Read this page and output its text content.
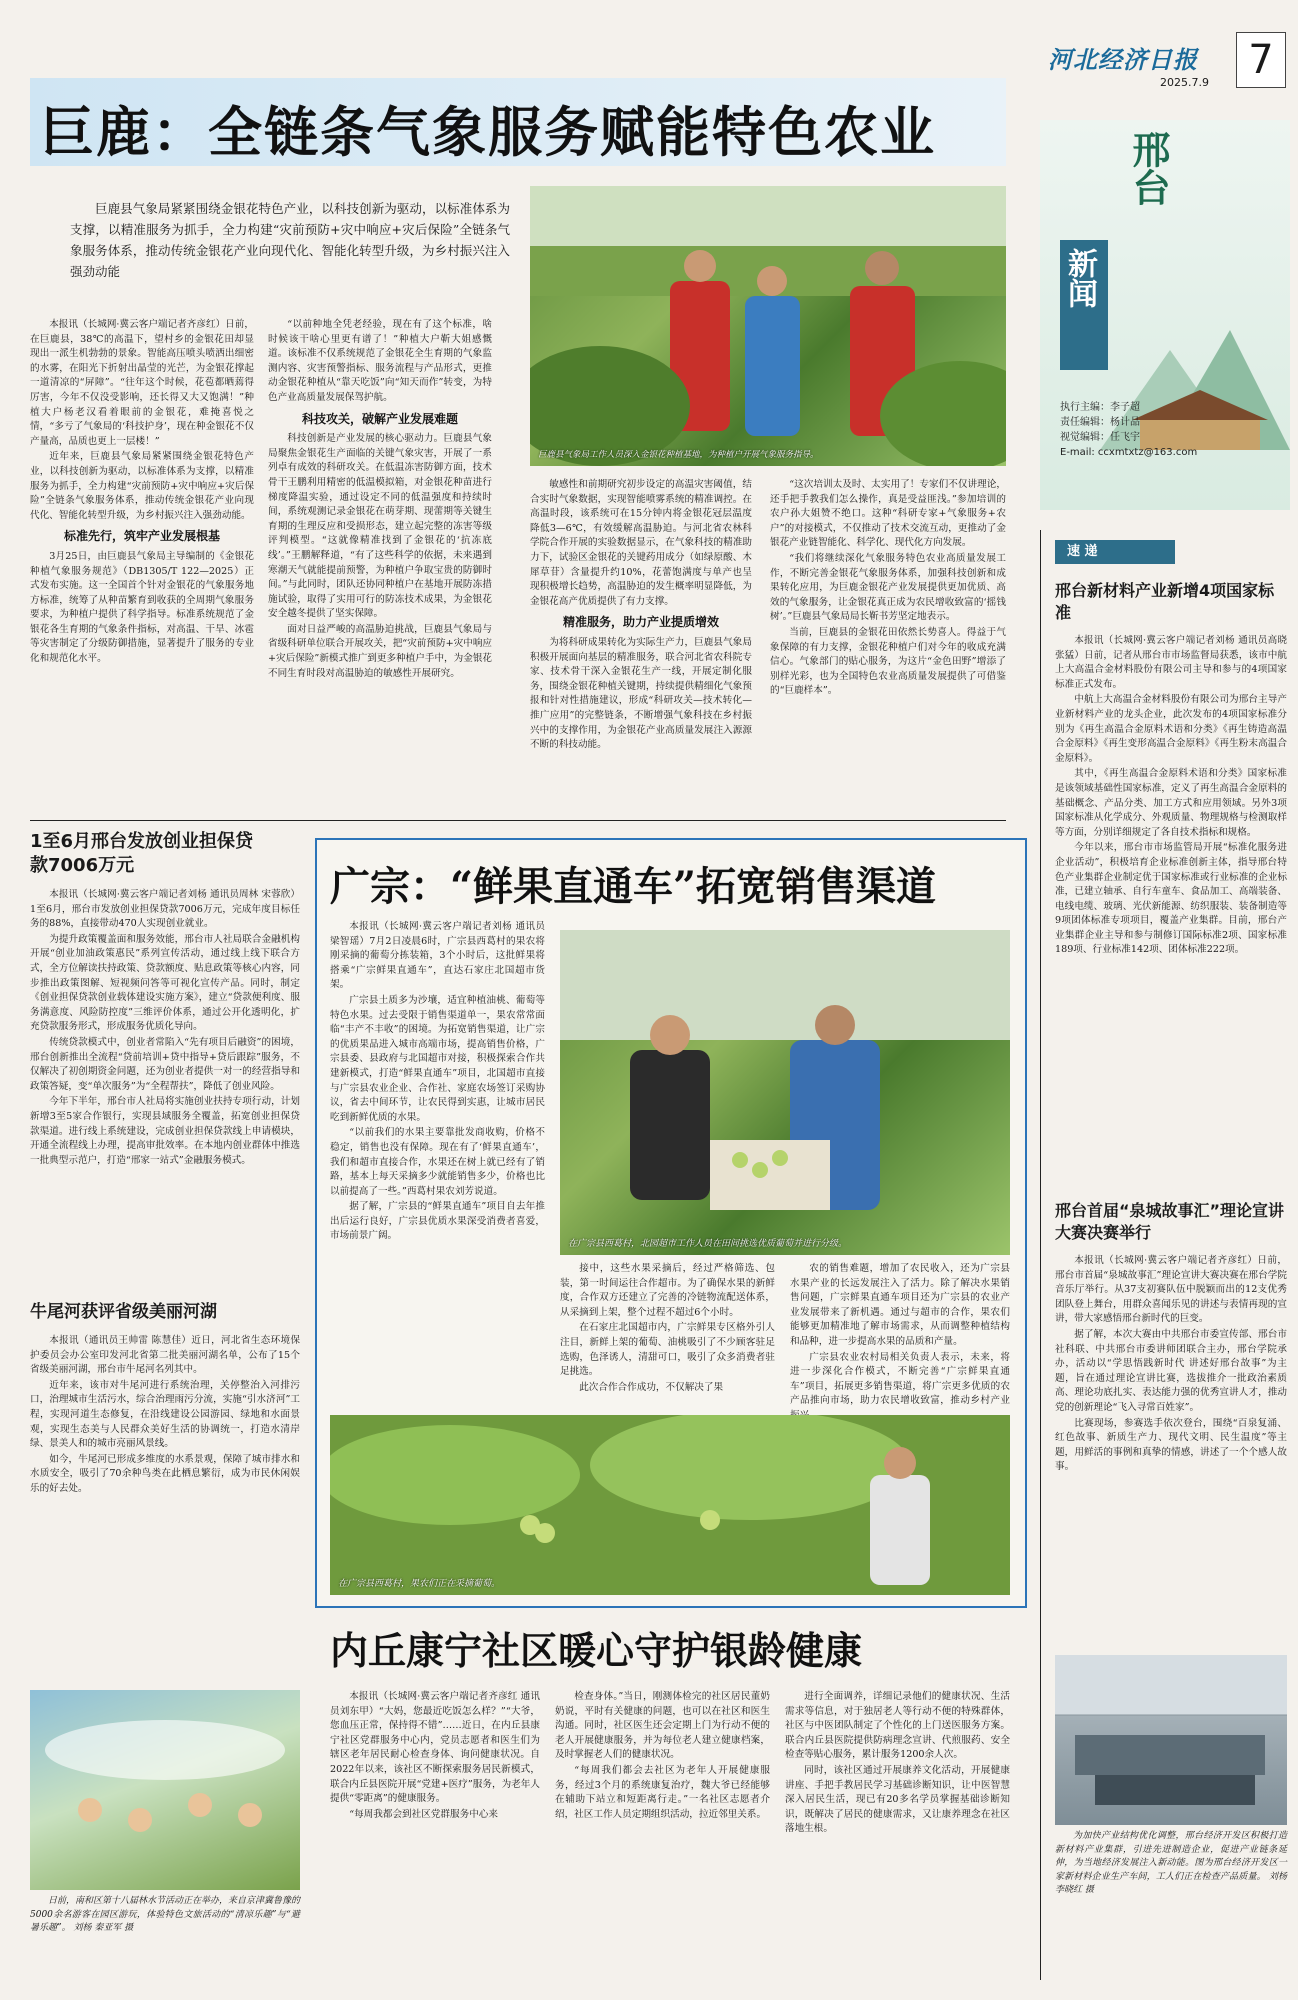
河北经济日报
2025.7.9 7
巨鹿：全链条气象服务赋能特色农业

巨鹿县气象局紧紧围绕金银花特色产业，以科技创新为驱动，以标准体系为支撑，以精准服务为抓手，全力构建“灾前预防+灾中响应+灾后保险”全链条气象服务体系，推动传统金银花产业向现代化、智能化转型升级，为乡村振兴注入强劲动能

巨鹿县气象局工作人员深入金银花种植基地，为种植户开展气象服务指导。

本报讯（长城网·冀云客户端记者齐彦红）日前，在巨鹿县，38℃的高温下，望村乡的金银花田却显现出一派生机勃勃的景象。智能高压喷头喷洒出细密的水雾，在阳光下折射出晶莹的光芒，为金银花撑起一道清凉的“屏障”。“往年这个时候，花苞都晒蔫得厉害，今年不仅没受影响，还长得又大又饱满！”种植大户杨老汉看着眼前的金银花，难掩喜悦之情，“多亏了气象局的‘科技护身’，现在种金银花不仅产量高，品质也更上一层楼！”

近年来，巨鹿县气象局紧紧围绕金银花特色产业，以科技创新为驱动，以标准体系为支撑，以精准服务为抓手，全力构建“灾前预防+灾中响应+灾后保险”全链条气象服务体系，推动传统金银花产业向现代化、智能化转型升级，为乡村振兴注入强劲动能。

标准先行，筑牢产业发展根基

3月25日，由巨鹿县气象局主导编制的《金银花种植气象服务规范》（DB1305/T 122—2025）正式发布实施。这一全国首个针对金银花的气象服务地方标准，统筹了从种苗繁育到收获的全周期气象服务要求，为种植户提供了科学指导。标准系统规范了金银花各生育期的气象条件指标，对高温、干旱、冰雹等灾害制定了分级防御措施，显著提升了服务的专业化和规范化水平。

“以前种地全凭老经验，现在有了这个标准，啥时候该干啥心里更有谱了！”种植大户靳大姐感慨道。该标准不仅系统规范了金银花全生育期的气象监测内容、灾害预警指标、服务流程与产品形式，更推动金银花种植从“靠天吃饭”向“知天而作”转变，为特色产业高质量发展保驾护航。

科技攻关，破解产业发展难题

科技创新是产业发展的核心驱动力。巨鹿县气象局聚焦金银花生产面临的关键气象灾害，开展了一系列卓有成效的科研攻关。在低温冻害防御方面，技术骨干王鹏利用精密的低温模拟箱，对金银花种苗进行梯度降温实验，通过设定不同的低温强度和持续时间，系统观测记录金银花在萌芽期、现蕾期等关键生育期的生理反应和受损形态，建立起完整的冻害等级评判模型。“这就像精准找到了金银花的‘抗冻底线’。”王鹏解释道，“有了这些科学的依据，未来遇到寒潮天气就能提前预警，为种植户争取宝贵的防御时间。”与此同时，团队还协同种植户在基地开展防冻措施试验，取得了实用可行的防冻技术成果，为金银花安全越冬提供了坚实保障。

面对日益严峻的高温胁迫挑战，巨鹿县气象局与省级科研单位联合开展攻关，把“灾前预防+灾中响应+灾后保险”新模式推广到更多种植户手中，为金银花不同生育时段对高温胁迫的敏感性开展研究。

敏感性和前期研究初步设定的高温灾害阈值，结合实时气象数据，实现智能喷雾系统的精准调控。在高温时段，该系统可在15分钟内将金银花冠层温度降低3—6℃，有效缓解高温胁迫。与河北省农林科学院合作开展的实验数据显示，在气象科技的精准助力下，试验区金银花的关键药用成分（如绿原酸、木犀草苷）含量提升约10%，花蕾饱满度与单产也呈现积极增长趋势，高温胁迫的发生概率明显降低，为金银花高产优质提供了有力支撑。

精准服务，助力产业提质增效

为将科研成果转化为实际生产力，巨鹿县气象局积极开展面向基层的精准服务，联合河北省农科院专家、技术骨干深入金银花生产一线，开展定制化服务，围绕金银花种植关键期，持续提供精细化气象预报和针对性措施建议，形成“科研攻关—技术转化—推广应用”的完整链条，不断增强气象科技在乡村振兴中的支撑作用，为金银花产业高质量发展注入源源不断的科技动能。

“这次培训太及时、太实用了！专家们不仅讲理论，还手把手教我们怎么操作，真是受益匪浅。”参加培训的农户孙大姐赞不绝口。这种“科研专家+气象服务+农户”的对接模式，不仅推动了技术交流互动，更推动了金银花产业链智能化、科学化、现代化方向发展。

“我们将继续深化气象服务特色农业高质量发展工作，不断完善金银花气象服务体系，加强科技创新和成果转化应用，为巨鹿金银花产业发展提供更加优质、高效的气象服务，让金银花真正成为农民增收致富的‘摇钱树’。”巨鹿县气象局局长靳书芳坚定地表示。

当前，巨鹿县的金银花田依然长势喜人。得益于气象保障的有力支撑，金银花种植户们对今年的收成充满信心。气象部门的贴心服务，为这片“金色田野”增添了别样光彩，也为全国特色农业高质量发展提供了可借鉴的“巨鹿样本”。

邢台
新闻
执行主编：李子超
责任编辑：杨计品
视觉编辑：任飞宇
E-mail: ccxmtxtz@163.com
速 递
邢台新材料产业新增4项国家标准

本报讯（长城网·冀云客户端记者刘杨 通讯员高晓 张猛）日前，记者从邢台市市场监督局获悉，该市中航上大高温合金材料股份有限公司主导和参与的4项国家标准正式发布。

中航上大高温合金材料股份有限公司为邢台主导产业新材料产业的龙头企业，此次发布的4项国家标准分别为《再生高温合金原料术语和分类》《再生铸造高温合金原料》《再生变形高温合金原料》《再生粉末高温合金原料》。

其中，《再生高温合金原料术语和分类》国家标准是该领域基础性国家标准，定义了再生高温合金原料的基础概念、产品分类、加工方式和应用领域。另外3项国家标准从化学成分、外观质量、物理规格与检测取样等方面，分别详细规定了各自技术指标和规格。

今年以来，邢台市市场监管局开展“标准化服务进企业活动”，积极培育企业标准创新主体，指导邢台特色产业集群企业制定优于国家标准或行业标准的企业标准，已建立轴承、自行车童车、食品加工、高端装备、电线电缆、玻璃、光伏新能源、纺织服装、装备制造等9项团体标准专项项目，覆盖产业集群。目前，邢台产业集群企业主导和参与制修订国际标准2项、国家标准189项、行业标准142项、团体标准222项。

邢台首届“泉城故事汇”理论宣讲大赛决赛举行

本报讯（长城网·冀云客户端记者齐彦红）日前，邢台市首届“泉城故事汇”理论宣讲大赛决赛在邢台学院音乐厅举行。从37支初赛队伍中脱颖而出的12支优秀团队登上舞台，用群众喜闻乐见的讲述与表情再现的宣讲，带大家感悟邢台新时代的巨变。

据了解，本次大赛由中共邢台市委宣传部、邢台市社科联、中共邢台市委讲师团联合主办，邢台学院承办，活动以“学思悟践新时代 讲述好邢台故事”为主题，旨在通过理论宣讲比赛，选拔推介一批政治素质高、理论功底扎实、表达能力强的优秀宣讲人才，推动党的创新理论“飞入寻常百姓家”。

比赛现场，参赛选手依次登台，围绕“百泉复涌、红色故事、新质生产力、现代文明、民生温度”等主题，用鲜活的事例和真挚的情感，讲述了一个个感人故事。

为加快产业结构优化调整，邢台经济开发区积极打造新材料产业集群，引进先进制造企业，促进产业链条延伸，为当地经济发展注入新动能。图为邢台经济开发区一家新材料企业生产车间，工人们正在检查产品质量。 刘杨 李晓红 摄

1至6月邢台发放创业担保贷款7006万元

本报讯（长城网·冀云客户端记者刘杨 通讯员周林 宋蓉欣）1至6月，邢台市发放创业担保贷款7006万元，完成年度目标任务的88%，直接带动470人实现创业就业。

为提升政策覆盖面和服务效能，邢台市人社局联合金融机构开展“创业加油政策惠民”系列宣传活动，通过线上线下联合方式，全方位解读扶持政策、贷款额度、贴息政策等核心内容，同步推出政策图解、短视频问答等可视化宣传产品。同时，制定《创业担保贷款创业载体建设实施方案》，建立“贷款便利度、服务满意度、风险防控度”三维评价体系，通过公开化透明化，扩充贷款服务形式，形成服务优质化导向。

传统贷款模式中，创业者常陷入“先有项目后融资”的困境，邢台创新推出全流程“贷前培训+贷中指导+贷后跟踪”服务，不仅解决了初创期资金问题，还为创业者提供一对一的经营指导和政策答疑，变“单次服务”为“全程帮扶”，降低了创业风险。

今年下半年，邢台市人社局将实施创业扶持专项行动，计划新增3至5家合作银行，实现县域服务全覆盖，拓宽创业担保贷款渠道。进行线上系统建设，完成创业担保贷款线上申请模块，开通全流程线上办理，提高审批效率。在本地内创业群体中推选一批典型示范户，打造“邢家一站式”金融服务模式。

牛尾河获评省级美丽河湖

本报讯（通讯员王帅雷 陈慧佳）近日，河北省生态环境保护委员会办公室印发河北省第二批美丽河湖名单，公布了15个省级美丽河湖，邢台市牛尾河名列其中。

近年来，该市对牛尾河进行系统治理，关停整治入河排污口，治理城市生活污水，综合治理雨污分流，实施“引水济河”工程，实现河道生态修复，在沿线建设公园游园、绿地和水面景观，实现生态美与人民群众美好生活的协调统一，打造水清岸绿、景美人和的城市亮丽风景线。

如今，牛尾河已形成多维度的水系景观，保障了城市排水和水质安全，吸引了70余种鸟类在此栖息繁衍，成为市民休闲娱乐的好去处。

日前，南和区第十八届林水节活动正在举办，来自京津冀鲁豫的5000余名游客在园区游玩，体验特色文旅活动的“清凉乐趣”与“避暑乐趣”。 刘杨 秦亚军 摄

广宗：“鲜果直通车”拓宽销售渠道
在广宗县西葛村，北园超市工作人员在田间挑选优质葡萄并进行分级。

本报讯（长城网·冀云客户端记者刘杨 通讯员梁智瑶）7月2日凌晨6时，广宗县西葛村的果农将刚采摘的葡萄分拣装箱，3个小时后，这批鲜果将搭乘“广宗鲜果直通车”，直达石家庄北国超市货架。

广宗县土质多为沙壤，适宜种植油桃、葡萄等特色水果。过去受限于销售渠道单一，果农常常面临“丰产不丰收”的困境。为拓宽销售渠道，让广宗的优质果品进入城市高端市场，提高销售价格，广宗县委、县政府与北国超市对接，积极探索合作共建新模式，打造“鲜果直通车”项目，北国超市直接与广宗县农业企业、合作社、家庭农场签订采购协议，省去中间环节，让农民得到实惠，让城市居民吃到新鲜优质的水果。

“以前我们的水果主要靠批发商收购，价格不稳定，销售也没有保障。现在有了‘鲜果直通车’，我们和超市直接合作，水果还在树上就已经有了销路，基本上每天采摘多少就能销售多少，价格也比以前提高了一些。”西葛村果农刘芳说道。

据了解，广宗县的“鲜果直通车”项目自去年推出后运行良好，广宗县优质水果深受消费者喜爱，市场前景广阔。

接中，这些水果采摘后，经过严格筛选、包装，第一时间运往合作超市。为了确保水果的新鲜度，合作双方还建立了完善的冷链物流配送体系，从采摘到上架，整个过程不超过6个小时。

在石家庄北国超市内，广宗鲜果专区格外引人注目，新鲜上架的葡萄、油桃吸引了不少顾客驻足选购，色泽诱人，清甜可口，吸引了众多消费者驻足挑选。

此次合作合作成功，不仅解决了果

农的销售难题，增加了农民收入，还为广宗县水果产业的长远发展注入了活力。除了解决水果销售问题，广宗鲜果直通车项目还为广宗县的农业产业发展带来了新机遇。通过与超市的合作，果农们能够更加精准地了解市场需求，从而调整种植结构和品种，进一步提高水果的品质和产量。

广宗县农业农村局相关负责人表示，未来，将进一步深化合作模式，不断完善“广宗鲜果直通车”项目，拓展更多销售渠道，将广宗更多优质的农产品推向市场，助力农民增收致富，推动乡村产业

在广宗县西葛村，果农们正在采摘葡萄。
内丘康宁社区暖心守护银龄健康

本报讯（长城网·冀云客户端记者齐彦红 通讯员刘东甲）“大妈，您最近吃饭怎么样？”“大爷，您血压正常，保持得不错”……近日，在内丘县康宁社区党群服务中心内，党员志愿者和医生们为辖区老年居民耐心检查身体、询问健康状况。自2022年以来，该社区不断探索服务居民新模式，联合内丘县医院开展“党建+医疗”服务，为老年人提供“零距离”的健康服务。

“每周我都会到社区党群服务中心来

检查身体。”当日，刚测体检完的社区居民董奶奶说，平时有关健康的问题，也可以在社区和医生沟通。同时，社区医生还会定期上门为行动不便的老人开展健康服务，并为每位老人建立健康档案，及时掌握老人们的健康状况。

“每周我们都会去社区为老年人开展健康服务，经过3个月的系统康复治疗，魏大爷已经能够在辅助下站立和短距离行走。”一名社区志愿者介绍，社区工作人员定期组织活动，拉近邻里关系。

进行全面调养，详细记录他们的健康状况、生活需求等信息，对于独居老人等行动不便的特殊群体，社区与中医团队制定了个性化的上门送医服务方案。联合内丘县医院提供防病理念宣讲、代煎服药、安全检查等贴心服务，累计服务1200余人次。

同时，该社区通过开展康养文化活动，开展健康讲座、手把手教居民学习基础诊断知识，让中医智慧深入居民生活，现已有20多名学员掌握基础诊断知识，既解决了居民的健康需求，又让康养理念在社区落地生根。
